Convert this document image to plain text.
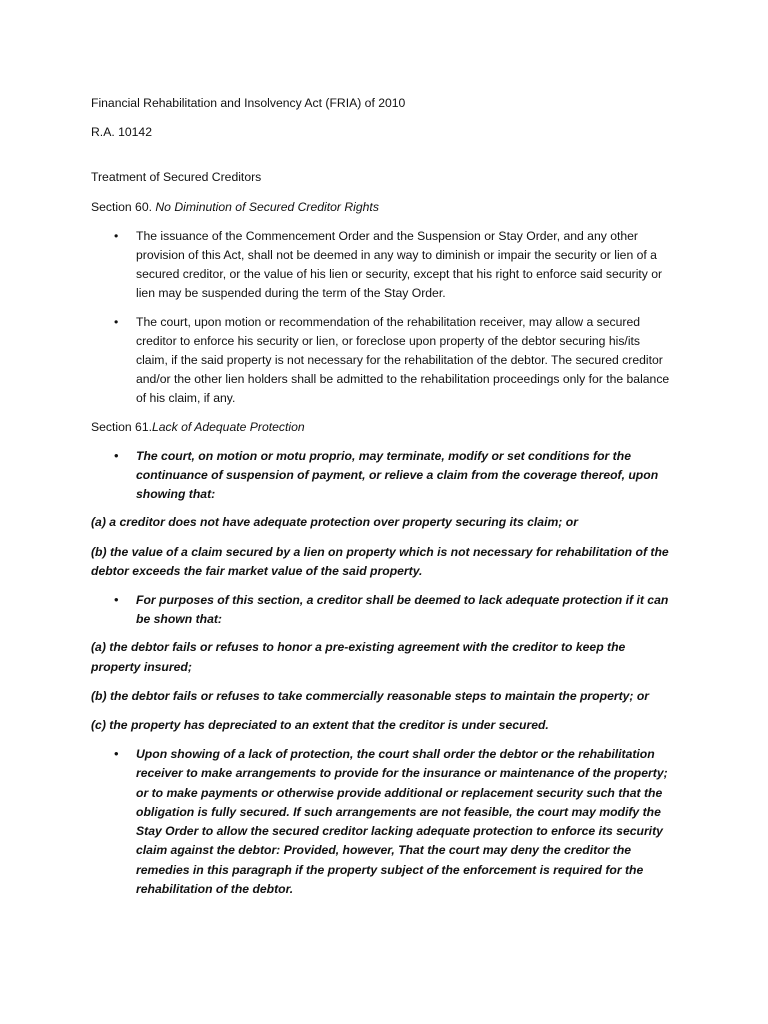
Financial Rehabilitation and Insolvency Act (FRIA) of 2010

R.A. 10142

Treatment of Secured Creditors

Section 60. No Diminution of Secured Creditor Rights

• The issuance of the Commencement Order and the Suspension or Stay Order, and any other provision of this Act, shall not be deemed in any way to diminish or impair the security or lien of a secured creditor, or the value of his lien or security, except that his right to enforce said security or lien may be suspended during the term of the Stay Order.
• The court, upon motion or recommendation of the rehabilitation receiver, may allow a secured creditor to enforce his security or lien, or foreclose upon property of the debtor securing his/its claim, if the said property is not necessary for the rehabilitation of the debtor. The secured creditor and/or the other lien holders shall be admitted to the rehabilitation proceedings only for the balance of his claim, if any.

Section 61.Lack of Adequate Protection

• The court, on motion or motu proprio, may terminate, modify or set conditions for the continuance of suspension of payment, or relieve a claim from the coverage thereof, upon showing that:

(a) a creditor does not have adequate protection over property securing its claim; or

(b) the value of a claim secured by a lien on property which is not necessary for rehabilitation of the debtor exceeds the fair market value of the said property.

• For purposes of this section, a creditor shall be deemed to lack adequate protection if it can be shown that:

(a) the debtor fails or refuses to honor a pre-existing agreement with the creditor to keep the property insured;

(b) the debtor fails or refuses to take commercially reasonable steps to maintain the property; or

(c) the property has depreciated to an extent that the creditor is under secured.

• Upon showing of a lack of protection, the court shall order the debtor or the rehabilitation receiver to make arrangements to provide for the insurance or maintenance of the property; or to make payments or otherwise provide additional or replacement security such that the obligation is fully secured. If such arrangements are not feasible, the court may modify the Stay Order to allow the secured creditor lacking adequate protection to enforce its security claim against the debtor: Provided, however, That the court may deny the creditor the remedies in this paragraph if the property subject of the enforcement is required for the rehabilitation of the debtor.
